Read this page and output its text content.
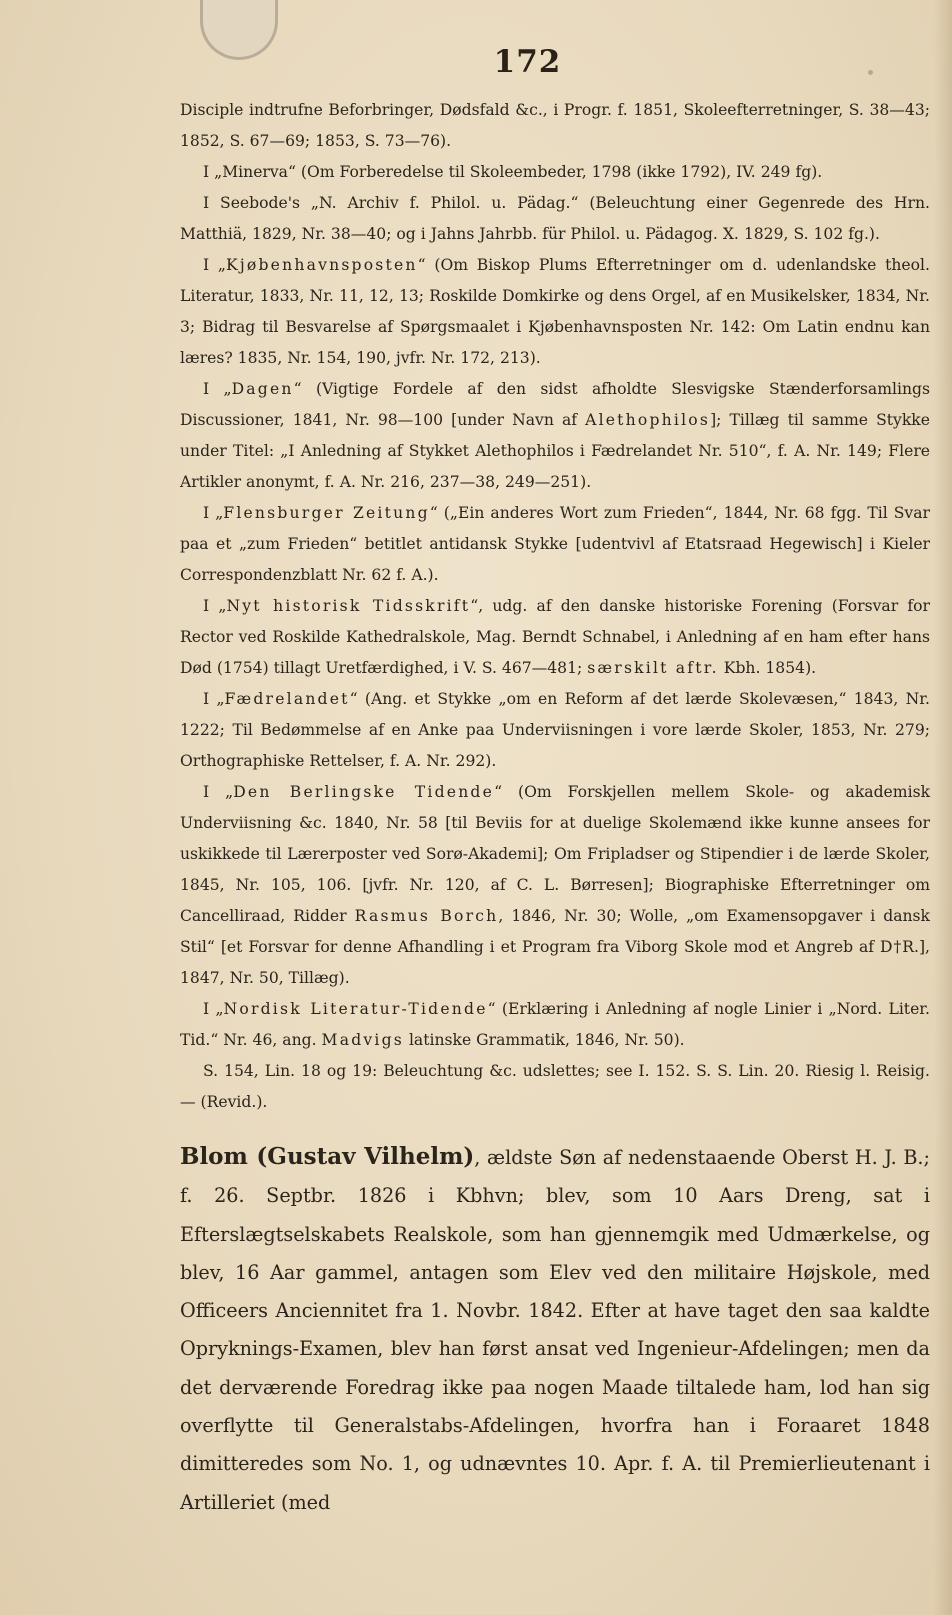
172

Disciple indtrufne Beforbringer, Dødsfald &c., i Progr. f. 1851, Skoleefterretninger, S. 38—43; 1852, S. 67—69; 1853, S. 73—76).

I „Minerva“ (Om Forberedelse til Skoleembeder, 1798 (ikke 1792), IV. 249 fg).

I Seebode's „N. Archiv f. Philol. u. Pädag.“ (Beleuchtung einer Gegenrede des Hrn. Matthiä, 1829, Nr. 38—40; og i Jahns Jahrbb. für Philol. u. Pädagog. X. 1829, S. 102 fg.).

I „Kjøbenhavnsposten“ (Om Biskop Plums Efterretninger om d. udenlandske theol. Literatur, 1833, Nr. 11, 12, 13; Roskilde Domkirke og dens Orgel, af en Musikelsker, 1834, Nr. 3; Bidrag til Besvarelse af Spørgsmaalet i Kjøbenhavnsposten Nr. 142: Om Latin endnu kan læres? 1835, Nr. 154, 190, jvfr. Nr. 172, 213).

I „Dagen“ (Vigtige Fordele af den sidst afholdte Slesvigske Stænderforsamlings Discussioner, 1841, Nr. 98—100 [under Navn af Alethophilos]; Tillæg til samme Stykke under Titel: „I Anledning af Stykket Alethophilos i Fædrelandet Nr. 510“, f. A. Nr. 149; Flere Artikler anonymt, f. A. Nr. 216, 237—38, 249—251).

I „Flensburger Zeitung“ („Ein anderes Wort zum Frieden“, 1844, Nr. 68 fgg. Til Svar paa et „zum Frieden“ betitlet antidansk Stykke [udentvivl af Etatsraad Hegewisch] i Kieler Correspondenzblatt Nr. 62 f. A.).

I „Nyt historisk Tidsskrift“, udg. af den danske historiske Forening (Forsvar for Rector ved Roskilde Kathedralskole, Mag. Berndt Schnabel, i Anledning af en ham efter hans Død (1754) tillagt Uretfærdighed, i V. S. 467—481; særskilt aftr. Kbh. 1854).

I „Fædrelandet“ (Ang. et Stykke „om en Reform af det lærde Skolevæsen,“ 1843, Nr. 1222; Til Bedømmelse af en Anke paa Underviisningen i vore lærde Skoler, 1853, Nr. 279; Orthographiske Rettelser, f. A. Nr. 292).

I „Den Berlingske Tidende“ (Om Forskjellen mellem Skole- og akademisk Underviisning &c. 1840, Nr. 58 [til Beviis for at duelige Skolemænd ikke kunne ansees for uskikkede til Lærerposter ved Sorø-Akademi]; Om Fripladser og Stipendier i de lærde Skoler, 1845, Nr. 105, 106. [jvfr. Nr. 120, af C. L. Børresen]; Biographiske Efterretninger om Cancelliraad, Ridder Rasmus Borch, 1846, Nr. 30; Wolle, „om Examensopgaver i dansk Stil“ [et Forsvar for denne Afhandling i et Program fra Viborg Skole mod et Angreb af D†R.], 1847, Nr. 50, Tillæg).

I „Nordisk Literatur-Tidende“ (Erklæring i Anledning af nogle Linier i „Nord. Liter. Tid.“ Nr. 46, ang. Madvigs latinske Grammatik, 1846, Nr. 50).

S. 154, Lin. 18 og 19: Beleuchtung &c. udslettes; see I. 152. S. S. Lin. 20. Riesig l. Reisig. — (Revid.).

Blom (Gustav Vilhelm), ældste Søn af nedenstaaende Oberst H. J. B.; f. 26. Septbr. 1826 i Kbhvn; blev, som 10 Aars Dreng, sat i Efterslægtselskabets Realskole, som han gjennemgik med Udmærkelse, og blev, 16 Aar gammel, antagen som Elev ved den militaire Højskole, med Officeers Anciennitet fra 1. Novbr. 1842. Efter at have taget den saa kaldte Opryknings-Examen, blev han først ansat ved Ingenieur-Afdelingen; men da det derværende Foredrag ikke paa nogen Maade tiltalede ham, lod han sig overflytte til Generalstabs-Afdelingen, hvorfra han i Foraaret 1848 dimitteredes som No. 1, og udnævntes 10. Apr. f. A. til Premierlieutenant i Artilleriet (med
